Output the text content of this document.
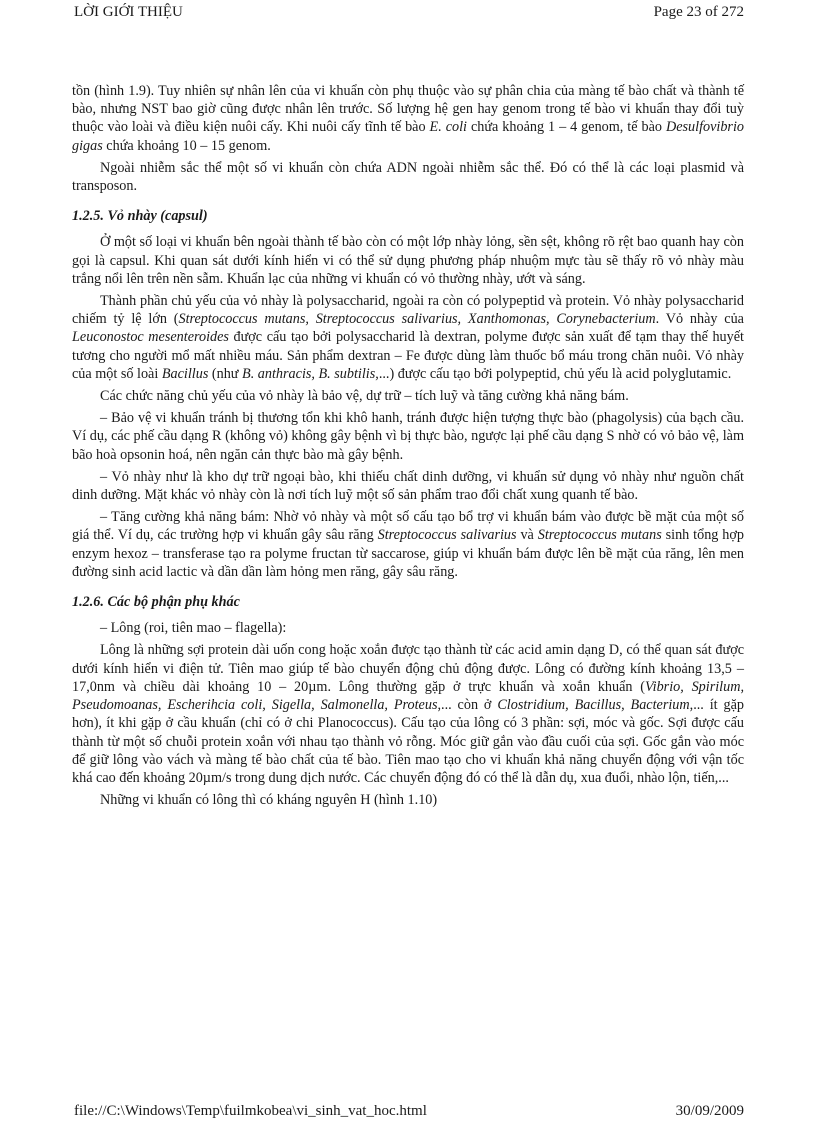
LỜI GIỚI THIỆU	Page 23 of 272

tồn (hình 1.9). Tuy nhiên sự nhân lên của vi khuẩn còn phụ thuộc vào sự phân chia của màng tế bào chất và thành tế bào, nhưng NST bao giờ cũng được nhân lên trước. Số lượng hệ gen hay genom trong tế bào vi khuẩn thay đổi tuỳ thuộc vào loài và điều kiện nuôi cấy. Khi nuôi cấy tĩnh tế bào E. coli chứa khoảng 1 – 4 genom, tế bào Desulfovibrio gigas chứa khoảng 10 – 15 genom.

Ngoài nhiễm sắc thể một số vi khuẩn còn chứa ADN ngoài nhiễm sắc thể. Đó có thể là các loại plasmid và transposon.

1.2.5. Vỏ nhày (capsul)

Ở một số loại vi khuẩn bên ngoài thành tế bào còn có một lớp nhày lỏng, sền sệt, không rõ rệt bao quanh hay còn gọi là capsul. Khi quan sát dưới kính hiển vi có thể sử dụng phương pháp nhuộm mực tàu sẽ thấy rõ vỏ nhày màu trắng nổi lên trên nền sẫm. Khuẩn lạc của những vi khuẩn có vỏ thường nhày, ướt và sáng.

Thành phần chủ yếu của vỏ nhày là polysaccharid, ngoài ra còn có polypeptid và protein. Vỏ nhày polysaccharid chiếm tỷ lệ lớn (Streptococcus mutans, Streptococcus salivarius, Xanthomonas, Corynebacterium. Vỏ nhày của Leuconostoc mesenteroides được cấu tạo bởi polysaccharid là dextran, polyme được sản xuất để tạm thay thế huyết tương cho người mổ mất nhiều máu. Sản phẩm dextran – Fe được dùng làm thuốc bổ máu trong chăn nuôi. Vỏ nhày của một số loài Bacillus (như B. anthracis, B. subtilis,...) được cấu tạo bởi polypeptid, chủ yếu là acid polyglutamic.

Các chức năng chủ yếu của vỏ nhày là bảo vệ, dự trữ – tích luỹ và tăng cường khả năng bám.

– Bảo vệ vi khuẩn tránh bị thương tổn khi khô hanh, tránh được hiện tượng thực bào (phagolysis) của bạch cầu. Ví dụ, các phế cầu dạng R (không vỏ) không gây bệnh vì bị thực bào, ngược lại phế cầu dạng S nhờ có vỏ bảo vệ, làm bão hoà opsonin hoá, nên ngăn cản thực bào mà gây bệnh.

– Vỏ nhày như là kho dự trữ ngoại bào, khi thiếu chất dinh dưỡng, vi khuẩn sử dụng vỏ nhày như nguồn chất dinh dưỡng. Mặt khác vỏ nhày còn là nơi tích luỹ một số sản phẩm trao đổi chất xung quanh tế bào.

– Tăng cường khả năng bám: Nhờ vỏ nhày và một số cấu tạo bổ trợ vi khuẩn bám vào được bề mặt của một số giá thể. Ví dụ, các trường hợp vi khuẩn gây sâu răng Streptococcus salivarius và Streptococcus mutans sinh tổng hợp enzym hexoz – transferase tạo ra polyme fructan từ saccarose, giúp vi khuẩn bám được lên bề mặt của răng, lên men đường sinh acid lactic và dần dần làm hỏng men răng, gây sâu răng.

1.2.6. Các bộ phận phụ khác

– Lông (roi, tiên mao – flagella):

Lông là những sợi protein dài uốn cong hoặc xoắn được tạo thành từ các acid amin dạng D, có thể quan sát được dưới kính hiển vi điện tử. Tiên mao giúp tế bào chuyển động chủ động được. Lông có đường kính khoảng 13,5 – 17,0nm và chiều dài khoảng 10 – 20µm. Lông thường gặp ở trực khuẩn và xoắn khuẩn (Vibrio, Spirilum, Pseudomoanas, Escherihcia coli, Sigella, Salmonella, Proteus,... còn ở Clostridium, Bacillus, Bacterium,... ít gặp hơn), ít khi gặp ở cầu khuẩn (chỉ có ở chi Planococcus). Cấu tạo của lông có 3 phần: sợi, móc và gốc. Sợi được cấu thành từ một số chuỗi protein xoắn với nhau tạo thành vỏ rỗng. Móc giữ gắn vào đầu cuối của sợi. Gốc gắn vào móc để giữ lông vào vách và màng tế bào chất của tế bào. Tiên mao tạo cho vi khuẩn khả năng chuyển động với vận tốc khá cao đến khoảng 20µm/s trong dung dịch nước. Các chuyển động đó có thể là dẫn dụ, xua đuổi, nhào lộn, tiến,...

Những vi khuẩn có lông thì có kháng nguyên H (hình 1.10)

file://C:\Windows\Temp\fuilmkobea\vi_sinh_vat_hoc.html	30/09/2009
